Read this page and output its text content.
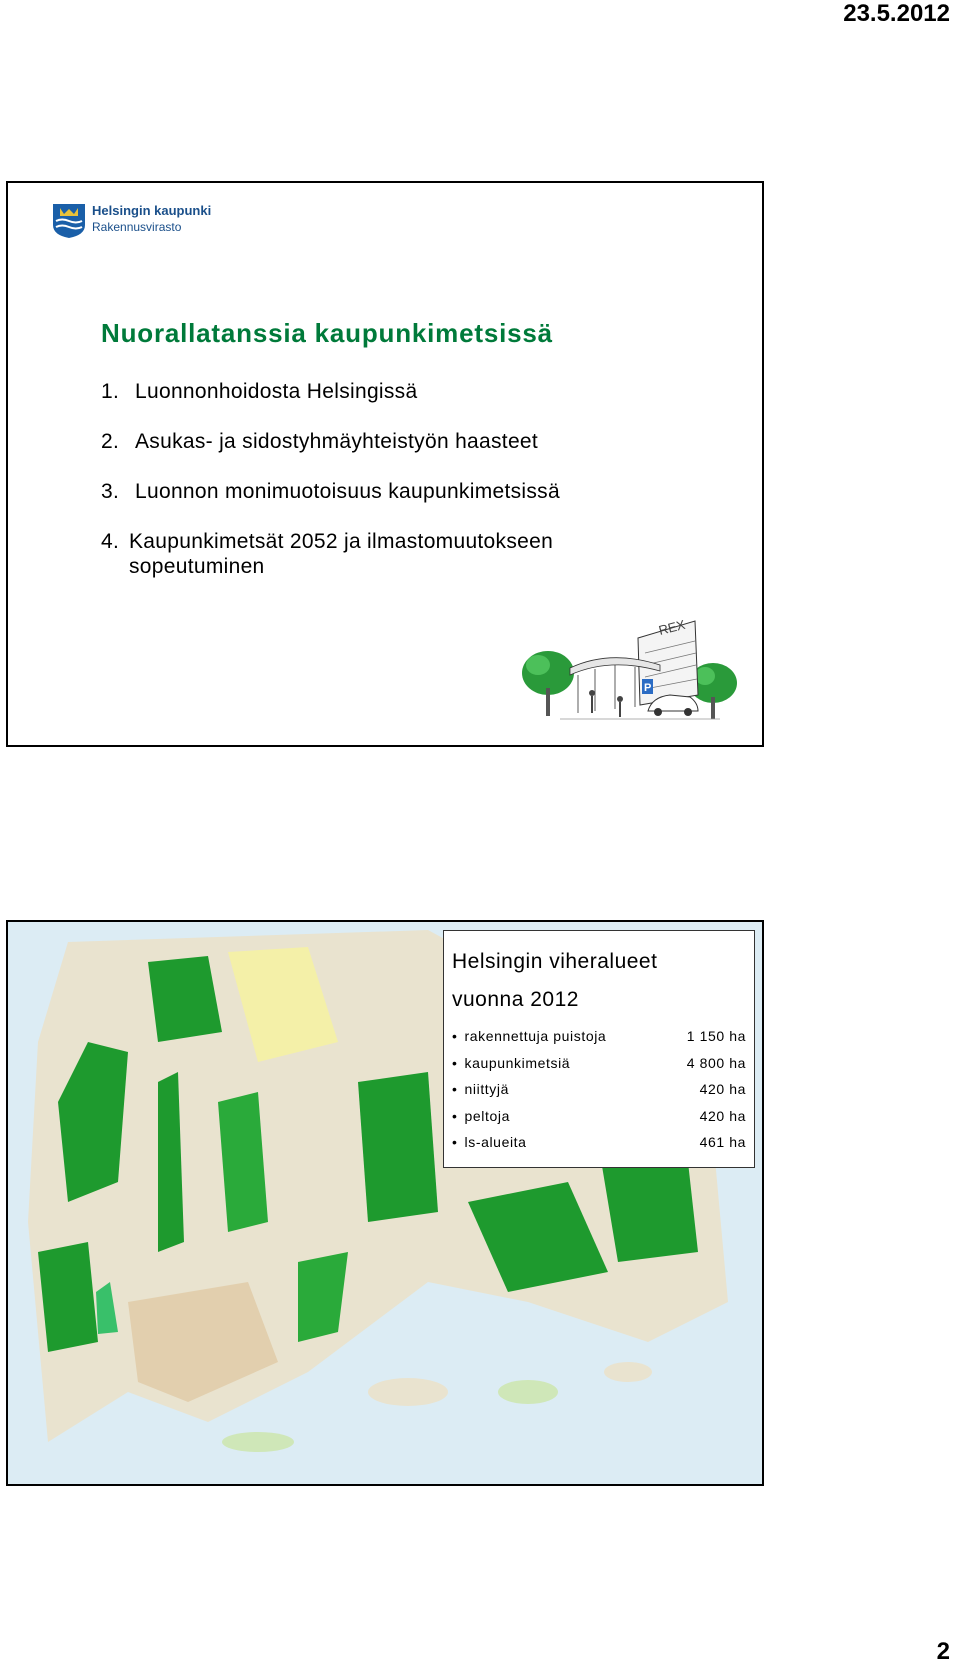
23.5.2012
Helsingin kaupunki
Rakennusvirasto
Nuorallatanssia kaupunkimetsissä
1. Luonnonhoidosta Helsingissä
2. Asukas- ja sidostyhmäyhteistyön haasteet
3. Luonnon monimuotoisuus kaupunkimetsissä
4. Kaupunkimetsät 2052 ja ilmastomuutokseen sopeutuminen
REX
P
Helsingin viheralueet
vuonna 2012
• rakennettuja puistoja	1 150 ha
• kaupunkimetsiä	4 800 ha
• niittyjä	420 ha
• peltoja	420 ha
• ls-alueita	461 ha
2
